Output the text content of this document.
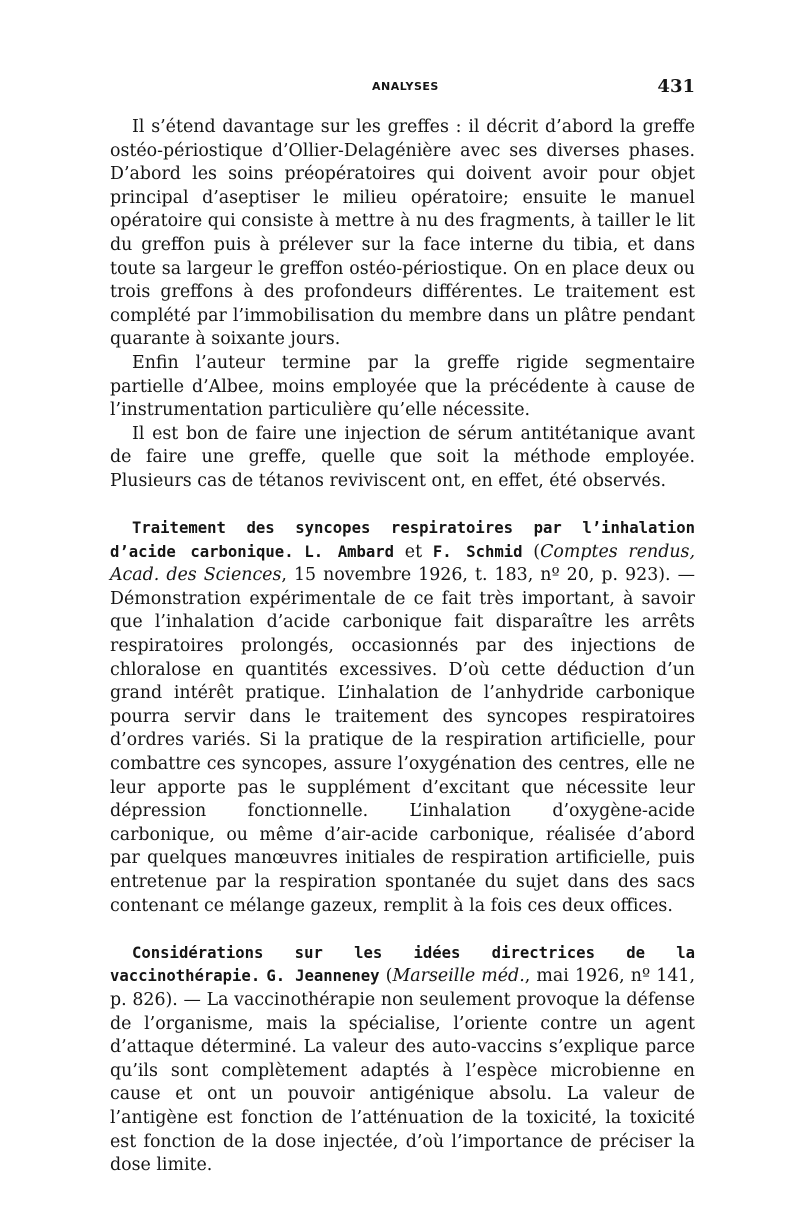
ANALYSES	431

Il s’étend davantage sur les greffes : il décrit d’abord la greffe ostéo-périostique d’Ollier-Delagénière avec ses diverses phases. D’abord les soins préopératoires qui doivent avoir pour objet principal d’aseptiser le milieu opératoire; ensuite le manuel opératoire qui consiste à mettre à nu des fragments, à tailler le lit du greffon puis à prélever sur la face interne du tibia, et dans toute sa largeur le greffon ostéo-périostique. On en place deux ou trois greffons à des profondeurs différentes. Le traitement est complété par l’immobilisation du membre dans un plâtre pendant quarante à soixante jours.

Enfin l’auteur termine par la greffe rigide segmentaire partielle d’Albee, moins employée que la précédente à cause de l’instrumentation particulière qu’elle nécessite.

Il est bon de faire une injection de sérum antitétanique avant de faire une greffe, quelle que soit la méthode employée. Plusieurs cas de tétanos reviviscent ont, en effet, été observés.

Traitement des syncopes respiratoires par l’inhalation d’acide carbonique. L. Ambard et F. Schmid (Comptes rendus, Acad. des Sciences, 15 novembre 1926, t. 183, nº 20, p. 923). — Démonstration expérimentale de ce fait très important, à savoir que l’inhalation d’acide carbonique fait disparaître les arrêts respiratoires prolongés, occasionnés par des injections de chloralose en quantités excessives. D’où cette déduction d’un grand intérêt pratique. L’inhalation de l’anhydride carbonique pourra servir dans le traitement des syncopes respiratoires d’ordres variés. Si la pratique de la respiration artificielle, pour combattre ces syncopes, assure l’oxygénation des centres, elle ne leur apporte pas le supplément d’excitant que nécessite leur dépression fonctionnelle. L’inhalation d’oxygène-acide carbonique, ou même d’air-acide carbonique, réalisée d’abord par quelques manœuvres initiales de respiration artificielle, puis entretenue par la respiration spontanée du sujet dans des sacs contenant ce mélange gazeux, remplit à la fois ces deux offices.

Considérations sur les idées directrices de la vaccinothérapie. G. Jeanneney (Marseille méd., mai 1926, nº 141, p. 826). — La vaccinothérapie non seulement provoque la défense de l’organisme, mais la spécialise, l’oriente contre un agent d’attaque déterminé. La valeur des auto-vaccins s’explique parce qu’ils sont complètement adaptés à l’espèce microbienne en cause et ont un pouvoir antigénique absolu. La valeur de l’antigène est fonction de l’atténuation de la toxicité, la toxicité est fonction de la dose injectée, d’où l’importance de préciser la dose limite.
